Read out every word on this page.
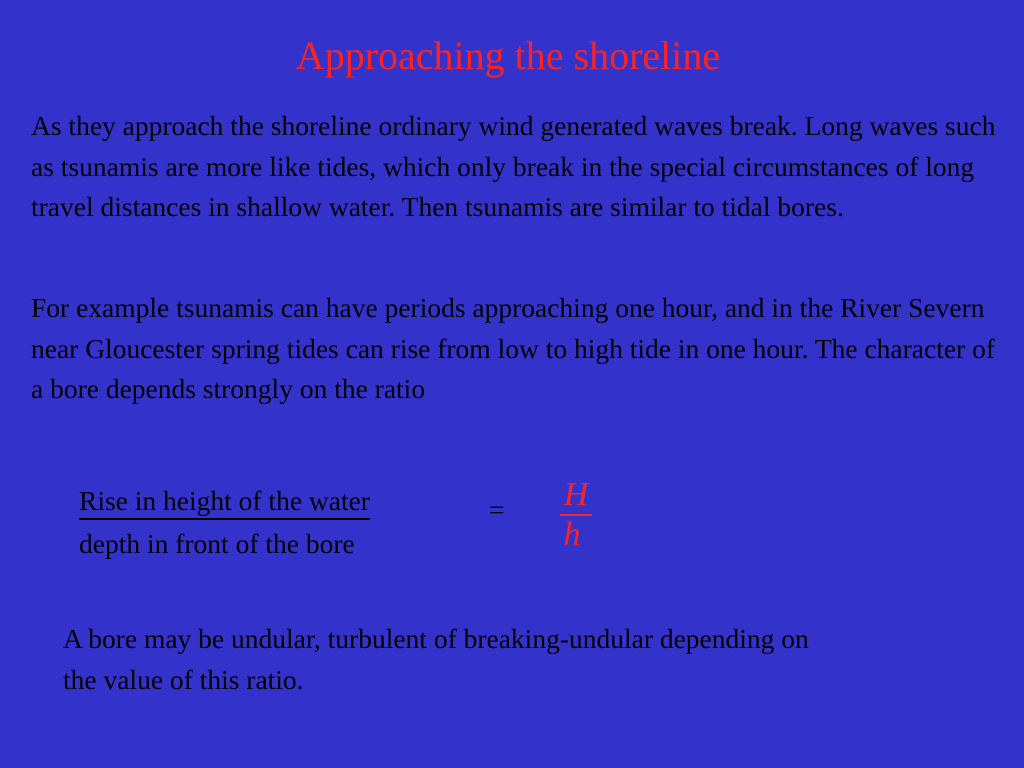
Approaching the shoreline

As they approach the shoreline ordinary wind generated waves break. Long waves such as tsunamis are more like tides, which only break in the special circumstances of long travel distances in shallow water. Then tsunamis are similar to tidal bores.

For example tsunamis can have periods approaching one hour, and in the River Severn near Gloucester spring tides can rise from low to high tide in one hour. The character of a bore depends strongly on the ratio

Rise in height of the water
depth in front of the bore
= $\frac{H}{h}$

A bore may be undular, turbulent of breaking-undular depending on the value of this ratio.
